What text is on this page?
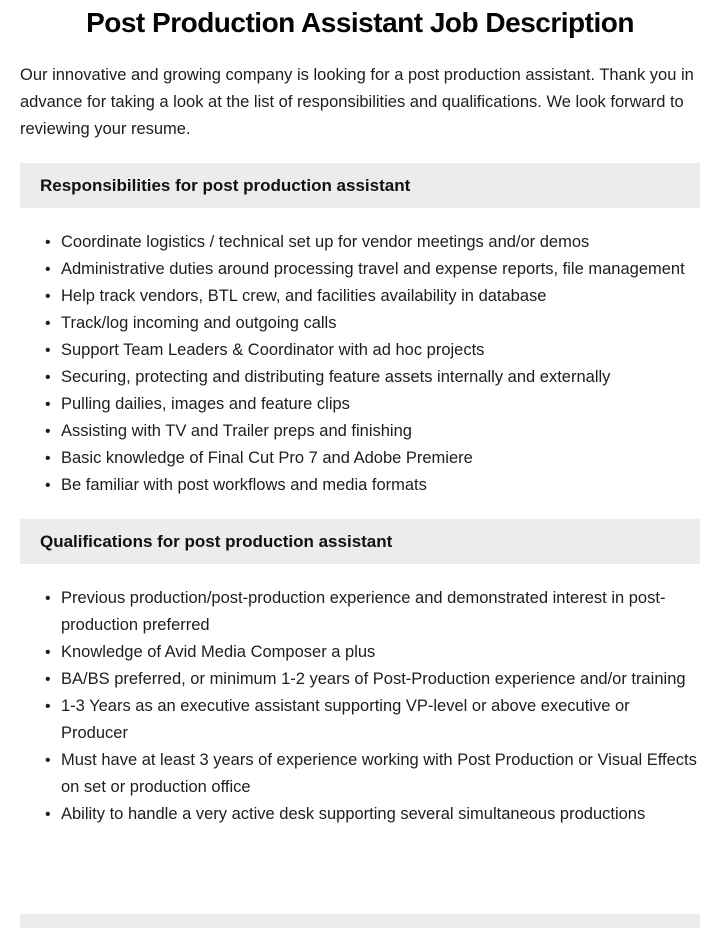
Post Production Assistant Job Description

Our innovative and growing company is looking for a post production assistant. Thank you in advance for taking a look at the list of responsibilities and qualifications. We look forward to reviewing your resume.

Responsibilities for post production assistant
• Coordinate logistics / technical set up for vendor meetings and/or demos
• Administrative duties around processing travel and expense reports, file management
• Help track vendors, BTL crew, and facilities availability in database
• Track/log incoming and outgoing calls
• Support Team Leaders & Coordinator with ad hoc projects
• Securing, protecting and distributing feature assets internally and externally
• Pulling dailies, images and feature clips
• Assisting with TV and Trailer preps and finishing
• Basic knowledge of Final Cut Pro 7 and Adobe Premiere
• Be familiar with post workflows and media formats
Qualifications for post production assistant
• Previous production/post-production experience and demonstrated interest in post-production preferred
• Knowledge of Avid Media Composer a plus
• BA/BS preferred, or minimum 1-2 years of Post-Production experience and/or training
• 1-3 Years as an executive assistant supporting VP-level or above executive or Producer
• Must have at least 3 years of experience working with Post Production or Visual Effects on set or production office
• Ability to handle a very active desk supporting several simultaneous productions
